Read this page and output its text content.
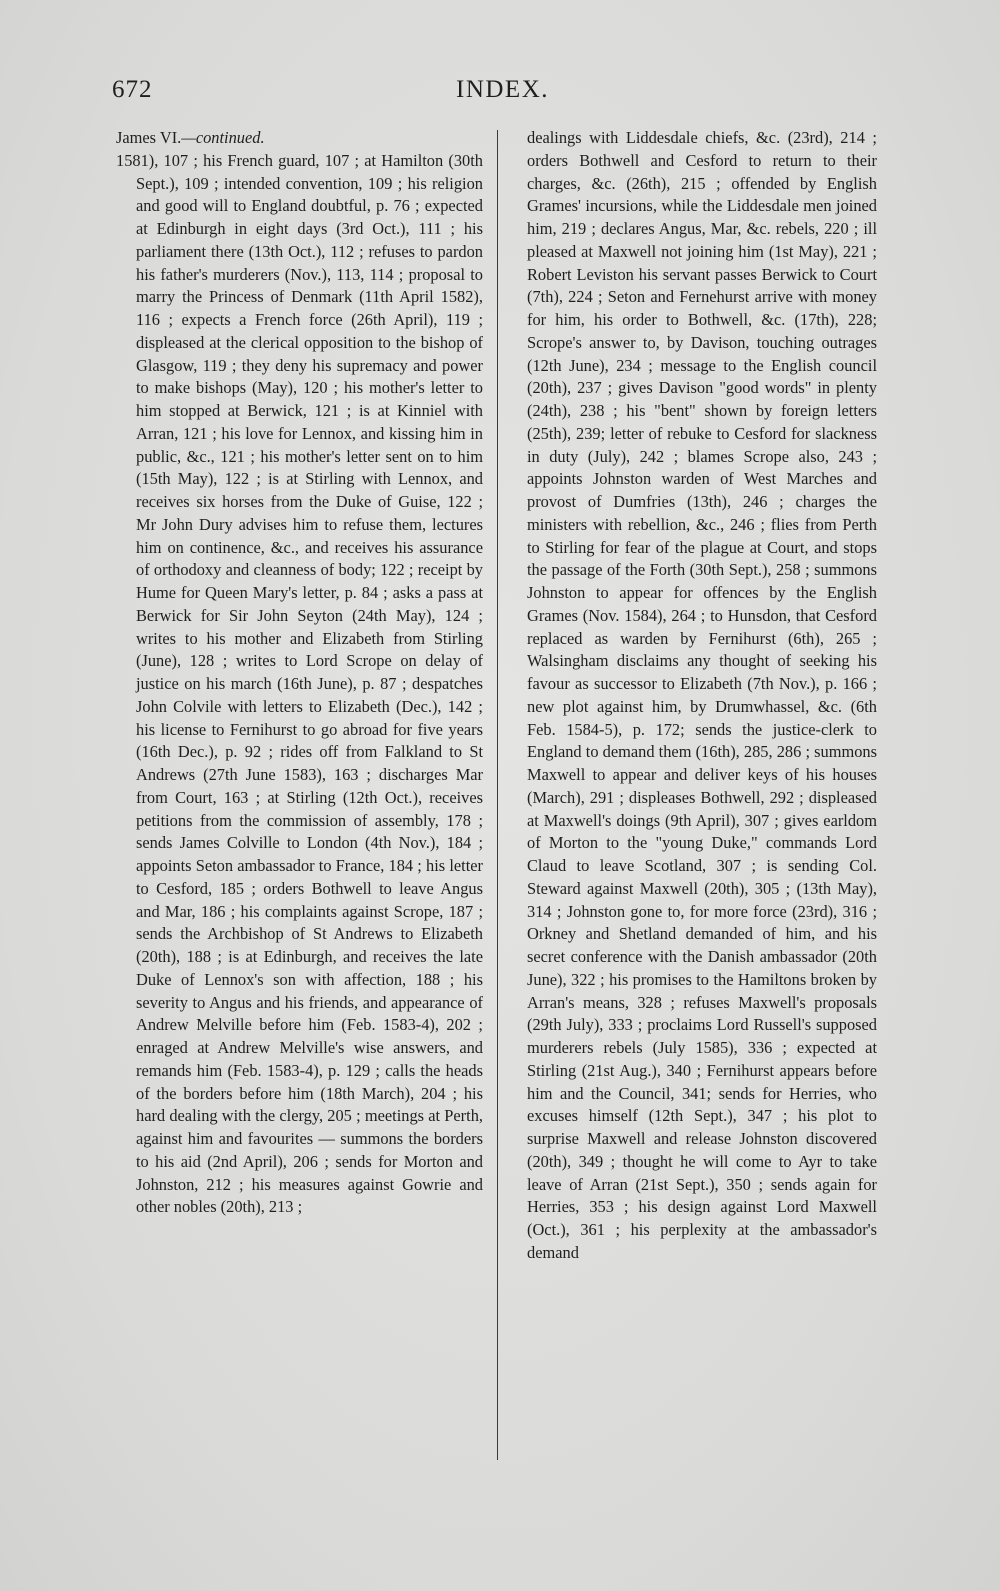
672	INDEX.

James VI.—continued.

1581), 107 ; his French guard, 107 ; at Hamilton (30th Sept.), 109 ; intended convention, 109 ; his religion and good will to England doubtful, p. 76 ; expected at Edinburgh in eight days (3rd Oct.), 111 ; his parliament there (13th Oct.), 112 ; refuses to pardon his father's murderers (Nov.), 113, 114 ; proposal to marry the Princess of Denmark (11th April 1582), 116 ; expects a French force (26th April), 119 ; displeased at the clerical opposition to the bishop of Glasgow, 119 ; they deny his supremacy and power to make bishops (May), 120 ; his mother's letter to him stopped at Berwick, 121 ; is at Kinniel with Arran, 121 ; his love for Lennox, and kissing him in public, &c., 121 ; his mother's letter sent on to him (15th May), 122 ; is at Stirling with Lennox, and receives six horses from the Duke of Guise, 122 ; Mr John Dury advises him to refuse them, lectures him on continence, &c., and receives his assurance of orthodoxy and cleanness of body; 122 ; receipt by Hume for Queen Mary's letter, p. 84 ; asks a pass at Berwick for Sir John Seyton (24th May), 124 ; writes to his mother and Elizabeth from Stirling (June), 128 ; writes to Lord Scrope on delay of justice on his march (16th June), p. 87 ; despatches John Colvile with letters to Elizabeth (Dec.), 142 ; his license to Fernihurst to go abroad for five years (16th Dec.), p. 92 ; rides off from Falkland to St Andrews (27th June 1583), 163 ; discharges Mar from Court, 163 ; at Stirling (12th Oct.), receives petitions from the commission of assembly, 178 ; sends James Colville to London (4th Nov.), 184 ; appoints Seton ambassador to France, 184 ; his letter to Cesford, 185 ; orders Bothwell to leave Angus and Mar, 186 ; his complaints against Scrope, 187 ; sends the Archbishop of St Andrews to Elizabeth (20th), 188 ; is at Edinburgh, and receives the late Duke of Lennox's son with affection, 188 ; his severity to Angus and his friends, and appearance of Andrew Melville before him (Feb. 1583-4), 202 ; enraged at Andrew Melville's wise answers, and remands him (Feb. 1583-4), p. 129 ; calls the heads of the borders before him (18th March), 204 ; his hard dealing with the clergy, 205 ; meetings at Perth, against him and favourites — summons the borders to his aid (2nd April), 206 ; sends for Morton and Johnston, 212 ; his measures against Gowrie and other nobles (20th), 213 ;

dealings with Liddesdale chiefs, &c. (23rd), 214 ; orders Bothwell and Cesford to return to their charges, &c. (26th), 215 ; offended by English Grames' incursions, while the Liddesdale men joined him, 219 ; declares Angus, Mar, &c. rebels, 220 ; ill pleased at Maxwell not joining him (1st May), 221 ; Robert Leviston his servant passes Berwick to Court (7th), 224 ; Seton and Fernehurst arrive with money for him, his order to Bothwell, &c. (17th), 228; Scrope's answer to, by Davison, touching outrages (12th June), 234 ; message to the English council (20th), 237 ; gives Davison "good words" in plenty (24th), 238 ; his "bent" shown by foreign letters (25th), 239; letter of rebuke to Cesford for slackness in duty (July), 242 ; blames Scrope also, 243 ; appoints Johnston warden of West Marches and provost of Dumfries (13th), 246 ; charges the ministers with rebellion, &c., 246 ; flies from Perth to Stirling for fear of the plague at Court, and stops the passage of the Forth (30th Sept.), 258 ; summons Johnston to appear for offences by the English Grames (Nov. 1584), 264 ; to Hunsdon, that Cesford replaced as warden by Fernihurst (6th), 265 ; Walsingham disclaims any thought of seeking his favour as successor to Elizabeth (7th Nov.), p. 166 ; new plot against him, by Drumwhassel, &c. (6th Feb. 1584-5), p. 172; sends the justice-clerk to England to demand them (16th), 285, 286 ; summons Maxwell to appear and deliver keys of his houses (March), 291 ; displeases Bothwell, 292 ; displeased at Maxwell's doings (9th April), 307 ; gives earldom of Morton to the "young Duke," commands Lord Claud to leave Scotland, 307 ; is sending Col. Steward against Maxwell (20th), 305 ; (13th May), 314 ; Johnston gone to, for more force (23rd), 316 ; Orkney and Shetland demanded of him, and his secret conference with the Danish ambassador (20th June), 322 ; his promises to the Hamiltons broken by Arran's means, 328 ; refuses Maxwell's proposals (29th July), 333 ; proclaims Lord Russell's supposed murderers rebels (July 1585), 336 ; expected at Stirling (21st Aug.), 340 ; Fernihurst appears before him and the Council, 341; sends for Herries, who excuses himself (12th Sept.), 347 ; his plot to surprise Maxwell and release Johnston discovered (20th), 349 ; thought he will come to Ayr to take leave of Arran (21st Sept.), 350 ; sends again for Herries, 353 ; his design against Lord Maxwell (Oct.), 361 ; his perplexity at the ambassador's demand
